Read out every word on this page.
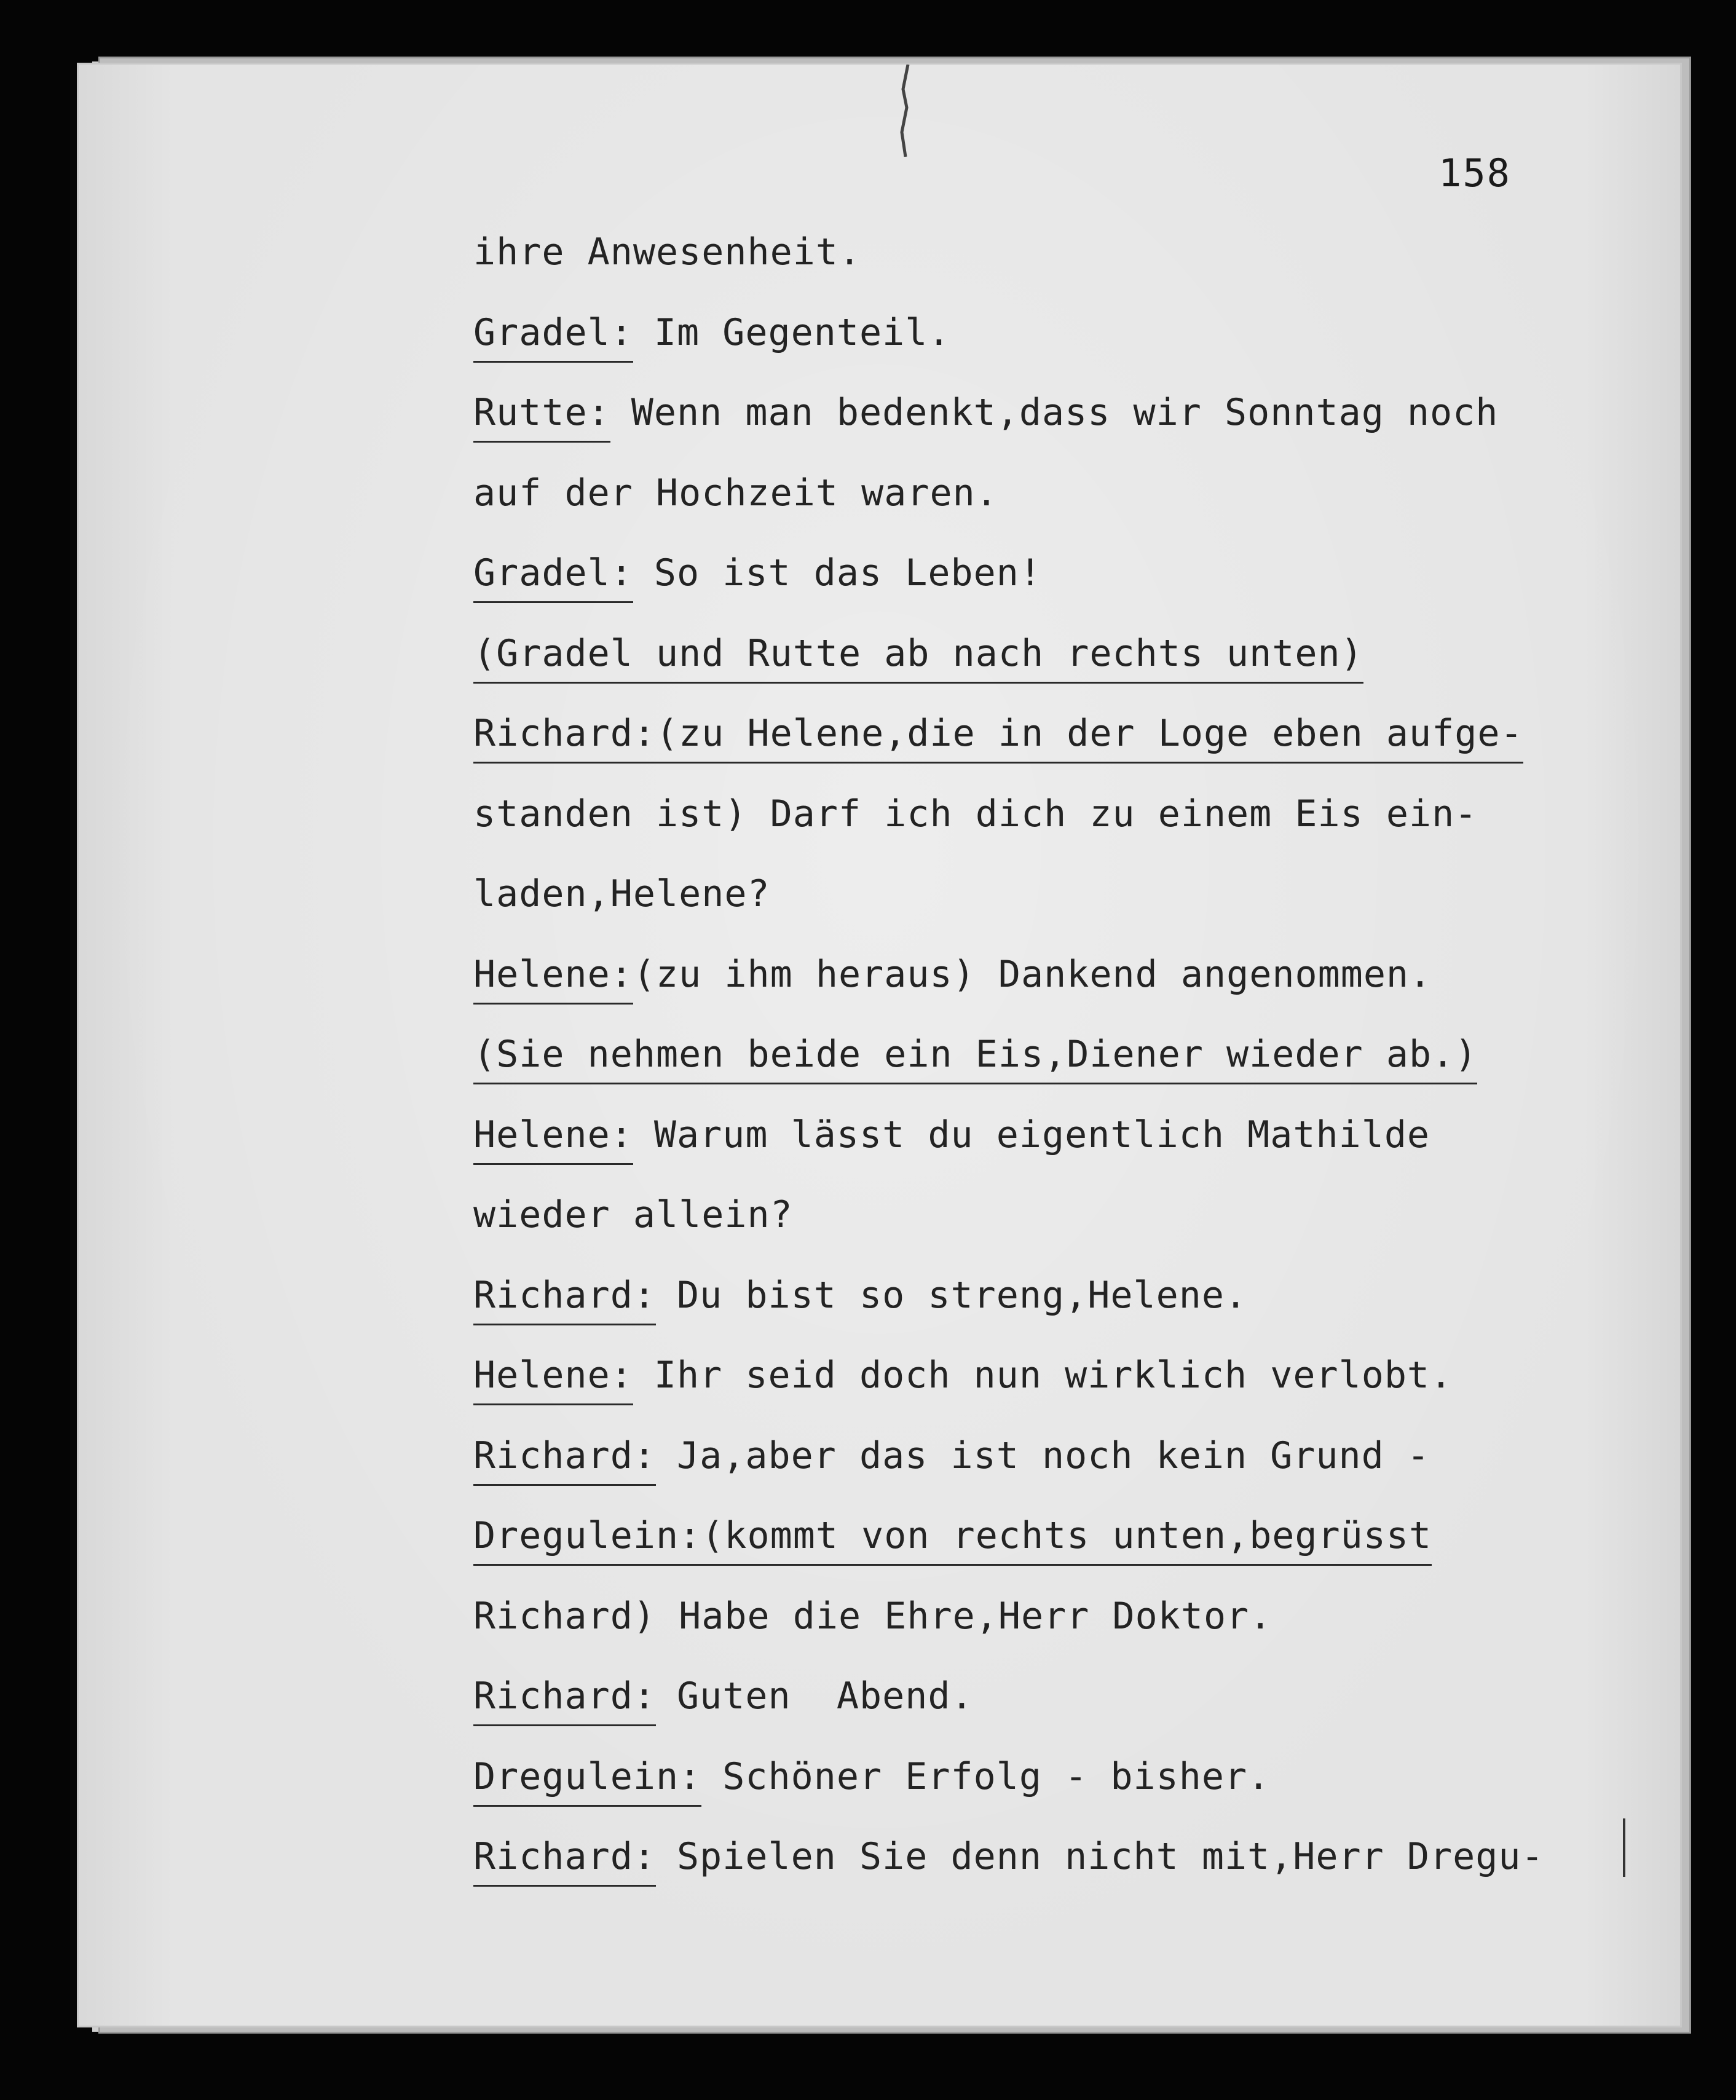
158
ihre Anwesenheit.
Gradel: Im Gegenteil.
Rutte: Wenn man bedenkt,dass wir Sonntag noch
auf der Hochzeit waren.
Gradel: So ist das Leben!
(Gradel und Rutte ab nach rechts unten)
Richard:(zu Helene,die in der Loge eben aufge-
standen ist) Darf ich dich zu einem Eis ein-
laden,Helene?
Helene:(zu ihm heraus) Dankend angenommen.
(Sie nehmen beide ein Eis,Diener wieder ab.)
Helene: Warum lässt du eigentlich Mathilde
wieder allein?
Richard: Du bist so streng,Helene.
Helene: Ihr seid doch nun wirklich verlobt.
Richard: Ja,aber das ist noch kein Grund -
Dregulein:(kommt von rechts unten,begrüsst
Richard) Habe die Ehre,Herr Doktor.
Richard: Guten  Abend.
Dregulein: Schöner Erfolg - bisher.
Richard: Spielen Sie denn nicht mit,Herr Dregu-
